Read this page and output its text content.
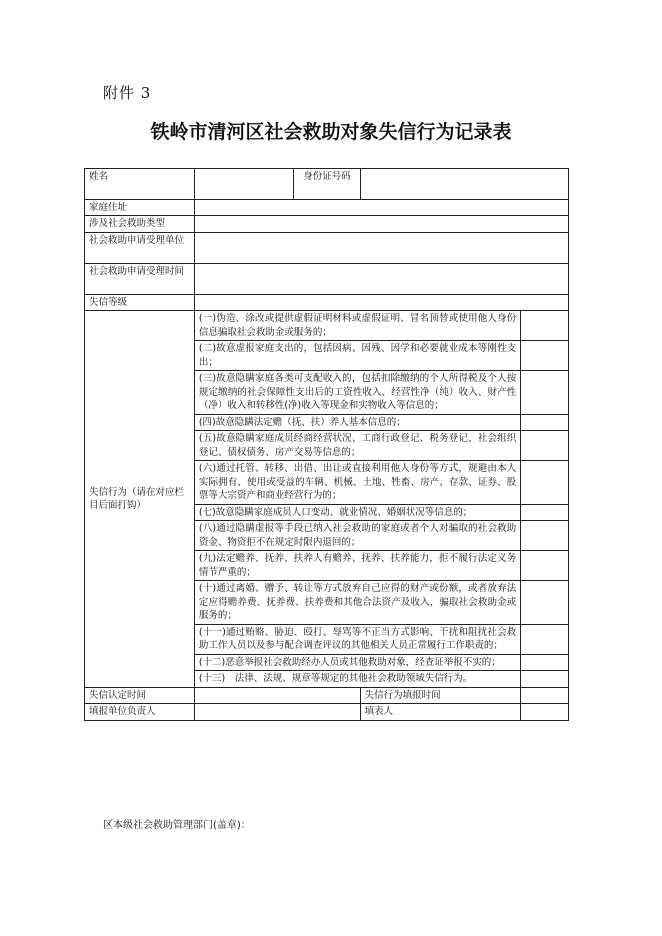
附件 3
铁岭市清河区社会救助对象失信行为记录表
姓名		身份证号码		
家庭住址				
涉及社会救助类型				
社会救助申请受理单位				
社会救助申请受理时间				
失信等级				
失信行为（请在对应栏目后面打钩）	(一)伪造、涂改或提供虚假证明材料或虚假证明、冒名顶替或使用他人身份信息骗取社会救助金或服务的；			
	(二)故意虚报家庭支出的，包括因病、因残、因学和必要就业成本等刚性支出；			
	(三)故意隐瞒家庭各类可支配收入的，包括扣除缴纳的个人所得税及个人按规定缴纳的社会保障性支出后的工资性收入、经营性净（纯）收入、财产性（净）收入和转移性(净)收入等现金和实物收入等信息的；			
	(四)故意隐瞒法定赡（抚、扶）养人基本信息的；			
	(五)故意隐瞒家庭成员经商经营状况、工商行政登记、税务登记、社会组织登记、债权债务、房产交易等信息的；			
	(六)通过托管、转移、出借、出让或直接利用他人身份等方式，规避由本人实际拥有、使用或受益的车辆、机械、土地、牲畜、房产、存款、证券、股票等大宗资产和商业经营行为的；			
	(七)故意隐瞒家庭成员人口变动、就业情况、婚姻状况等信息的；			
	(八)通过隐瞒虚报等手段已纳入社会救助的家庭或者个人对骗取的社会救助资金、物资拒不在规定时限内退回的；			
	(九)法定赡养、抚养、扶养人有赡养、抚养、扶养能力，拒不履行法定义务情节严重的；			
	(十)通过离婚、赠予、转让等方式放弃自己应得的财产或份额，或者放弃法定应得赡养费、抚养费、扶养费和其他合法资产及收入，骗取社会救助金或服务的；			
	(十一)通过贿赂、胁迫、殴打、辱骂等不正当方式影响、干扰和阻扰社会救助工作人员以及参与配合调查评议的其他相关人员正常履行工作职责的；			
	(十二)恶意举报社会救助经办人员或其他救助对象，经查证举报不实的；			
	(十三)　法律、法规、规章等规定的其他社会救助领域失信行为。			
失信认定时间			失信行为填报时间	
填报单位负责人			填表人	
区本级社会救助管理部门(盖章)：
